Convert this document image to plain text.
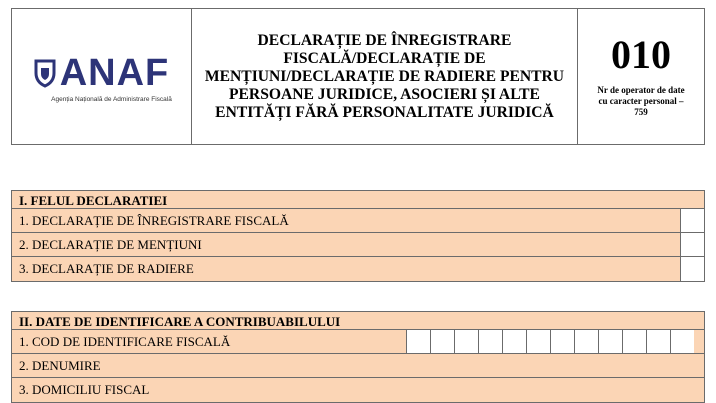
ANAF
Agenția Națională de Administrare Fiscală
DECLARAȚIE DE ÎNREGISTRARE
FISCALĂ/DECLARAȚIE DE
MENȚIUNI/DECLARAȚIE DE RADIERE PENTRU
PERSOANE JURIDICE, ASOCIERI ȘI ALTE
ENTITĂȚI FĂRĂ PERSONALITATE JURIDICĂ
010
Nr de operator de date
cu caracter personal –
759
I. FELUL DECLARATIEI
1. DECLARAȚIE DE ÎNREGISTRARE FISCALĂ
2. DECLARAȚIE DE MENȚIUNI
3. DECLARAȚIE DE RADIERE
II. DATE DE IDENTIFICARE A CONTRIBUABILULUI
1. COD DE IDENTIFICARE FISCALĂ
2. DENUMIRE
3. DOMICILIU FISCAL
